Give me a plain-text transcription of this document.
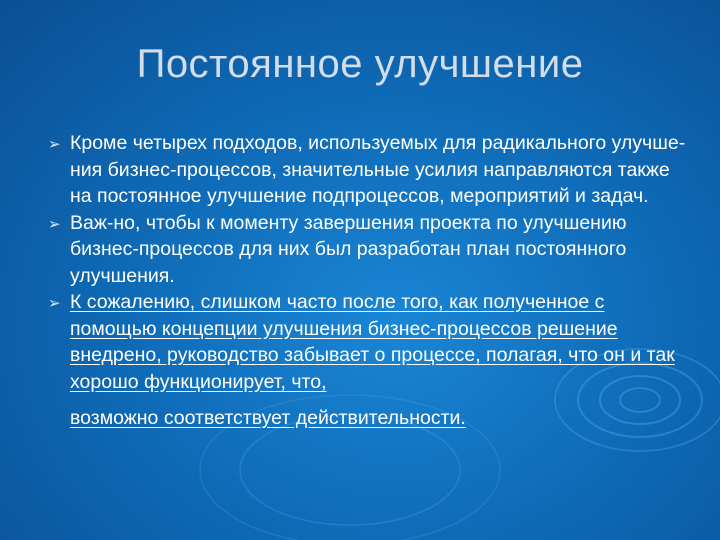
Постоянное улучшение
➢ Кроме четырех подходов, используемых для радикального улучше-ния бизнес-процессов, значительные усилия направляются также на постоянное улучшение подпроцессов, мероприятий и задач.
➢ Важ-но, чтобы к моменту завершения проекта по улучшению бизнес-процессов для них был разработан план постоянного улучшения.
➢ К сожалению, слишком часто после того, как полученное с помощью концепции улучшения бизнес-процессов решение внедрено, руководство забывает о процессе, полагая, что он и так хорошо функционирует, что,
возможно соответствует действительности.
